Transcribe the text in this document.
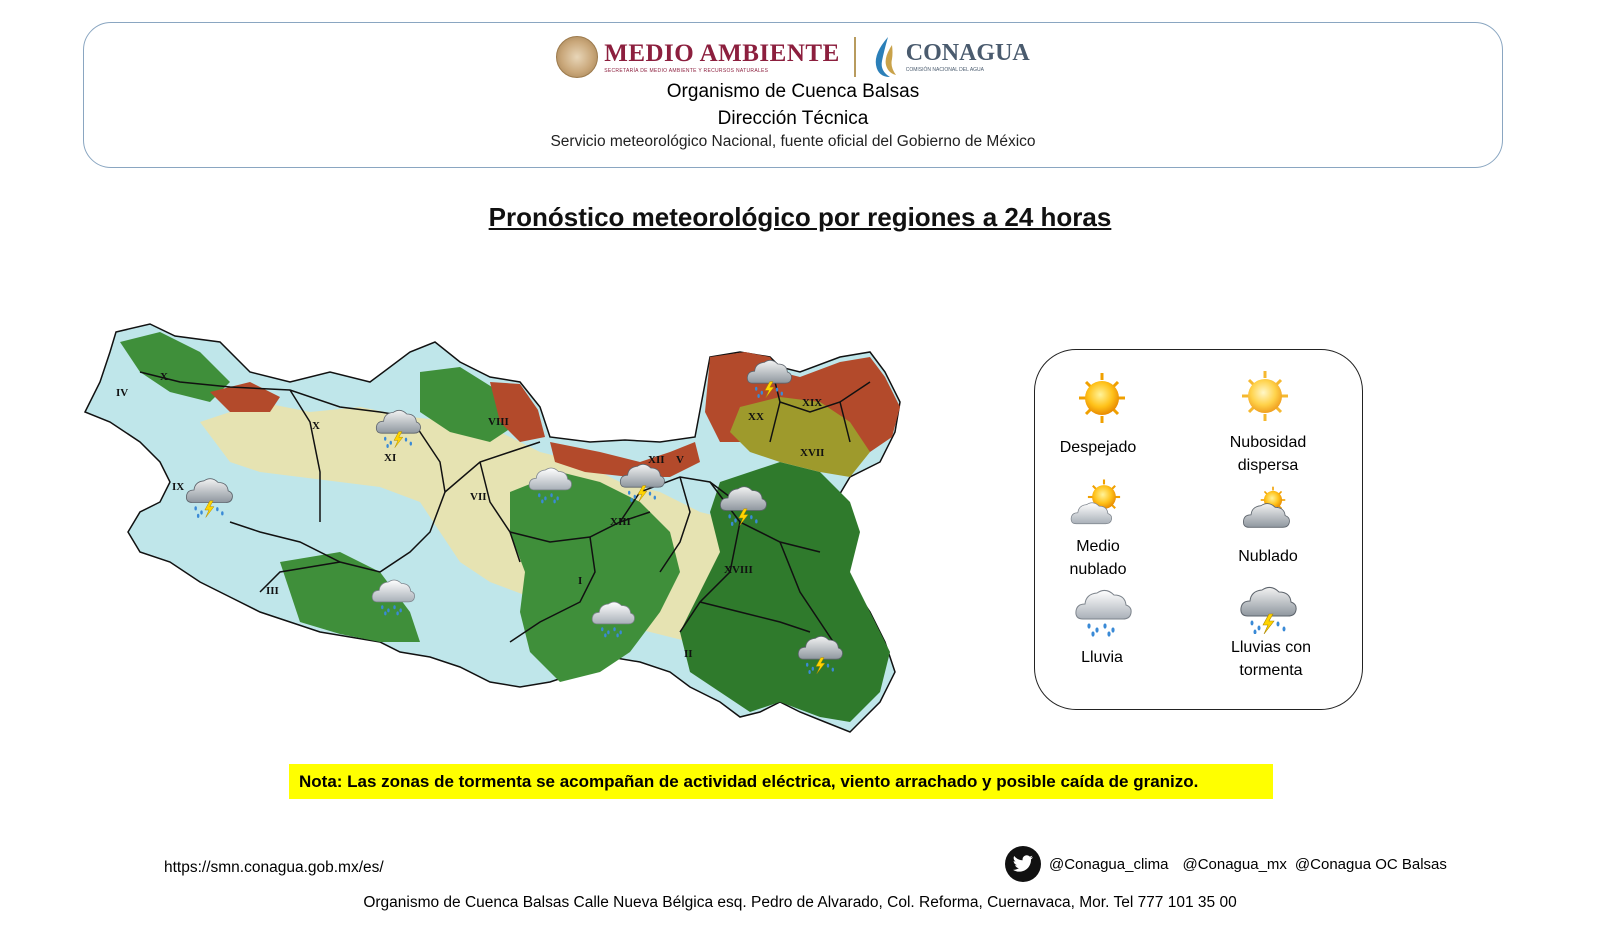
MEDIO AMBIENTE
SECRETARÍA DE MEDIO AMBIENTE Y RECURSOS NATURALES
CONAGUA
COMISIÓN NACIONAL DEL AGUA
Organismo de Cuenca Balsas
Dirección Técnica
Servicio meteorológico Nacional, fuente oficial del Gobierno de México
Pronóstico meteorológico por regiones a 24 horas
IV
X
X
XI
VIII
IX
VII
III
I
II
XII V
XIII
XVIII
XX
XIX
XVII	Despejado	Nubosidad
dispersa
Medio
nublado
Nublado
Lluvia
Lluvias con
tormenta
Nota: Las zonas de tormenta se acompañan de actividad eléctrica, viento arrachado y posible caída de granizo.
https://smn.conagua.gob.mx/es/	@Conagua_clima @Conagua_mx @Conagua OC Balsas
Organismo de Cuenca Balsas Calle Nueva Bélgica esq. Pedro de Alvarado, Col. Reforma, Cuernavaca, Mor. Tel 777 101 35 00
